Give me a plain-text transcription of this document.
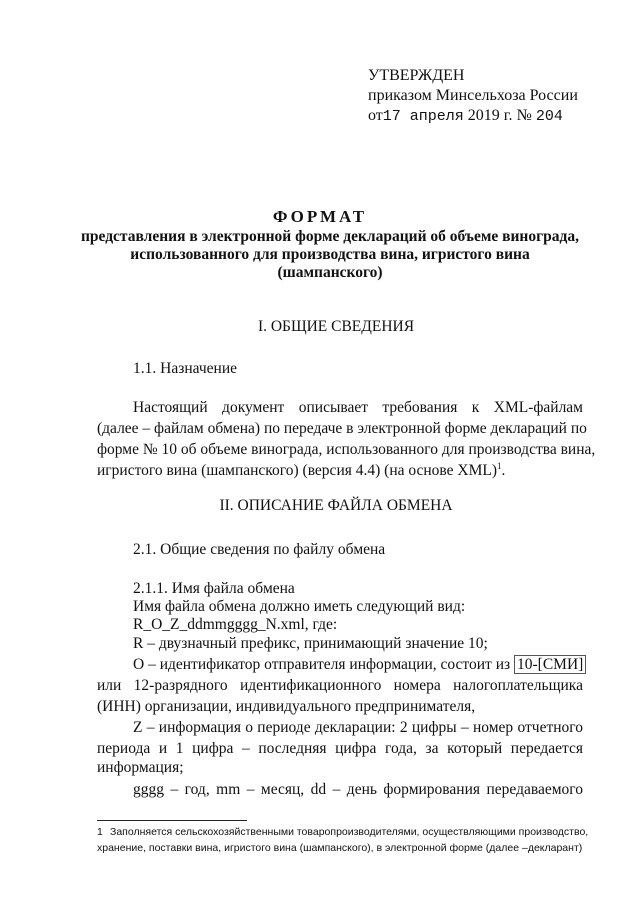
УТВЕРЖДЕН
приказом Минсельхоза России
от17 апреля 2019 г. № 204
ФОРМАТ
представления в электронной форме деклараций об объеме винограда,
использованного для производства вина, игристого вина
(шампанского)
I. ОБЩИЕ СВЕДЕНИЯ
1.1. Назначение
Настоящий документ описывает требования к XML-файлам
(далее – файлам обмена) по передаче в электронной форме деклараций по
форме № 10 об объеме винограда, использованного для производства вина,
игристого вина (шампанского) (версия 4.4) (на основе XML)$^1$.
II. ОПИСАНИЕ ФАЙЛА ОБМЕНА
2.1. Общие сведения по файлу обмена
2.1.1. Имя файла обмена
Имя файла обмена должно иметь следующий вид:
R_O_Z_ddmmgggg_N.xml, где:
R – двузначный префикс, принимающий значение 10;
O – идентификатор отправителя информации, состоит из 10-[СМИ]
или 12-разрядного идентификационного номера налогоплательщика
(ИНН) организации, индивидуального предпринимателя,
Z – информация о периоде декларации: 2 цифры – номер отчетного
периода и 1 цифра – последняя цифра года, за который передается
информация;
gggg – год, mm – месяц, dd – день формирования передаваемого
1 Заполняется сельскохозяйственными товаропроизводителями, осуществляющими производство,
хранение, поставки вина, игристого вина (шампанского), в электронной форме (далее –декларант)
